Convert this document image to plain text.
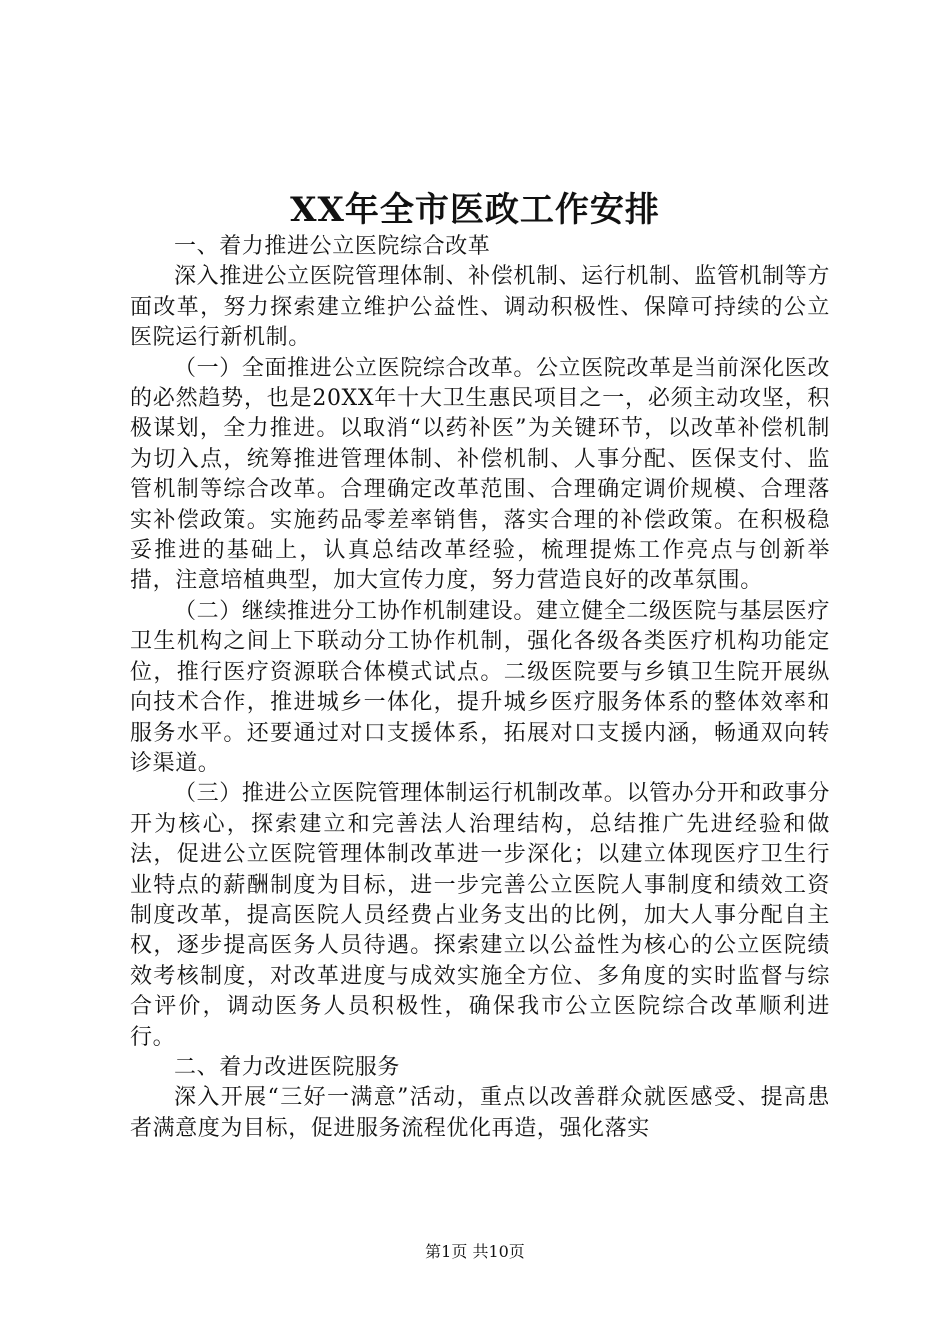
XX年全市医政工作安排

一、着力推进公立医院综合改革

深入推进公立医院管理体制、补偿机制、运行机制、监管机制等方面改革，努力探索建立维护公益性、调动积极性、保障可持续的公立医院运行新机制。

（一）全面推进公立医院综合改革。公立医院改革是当前深化医改的必然趋势，也是20XX年十大卫生惠民项目之一，必须主动攻坚，积极谋划，全力推进。以取消“以药补医”为关键环节，以改革补偿机制为切入点，统筹推进管理体制、补偿机制、人事分配、医保支付、监管机制等综合改革。合理确定改革范围、合理确定调价规模、合理落实补偿政策。实施药品零差率销售，落实合理的补偿政策。在积极稳妥推进的基础上，认真总结改革经验，梳理提炼工作亮点与创新举措，注意培植典型，加大宣传力度，努力营造良好的改革氛围。

（二）继续推进分工协作机制建设。建立健全二级医院与基层医疗卫生机构之间上下联动分工协作机制，强化各级各类医疗机构功能定位，推行医疗资源联合体模式试点。二级医院要与乡镇卫生院开展纵向技术合作，推进城乡一体化，提升城乡医疗服务体系的整体效率和服务水平。还要通过对口支援体系，拓展对口支援内涵，畅通双向转诊渠道。

（三）推进公立医院管理体制运行机制改革。以管办分开和政事分开为核心，探索建立和完善法人治理结构，总结推广先进经验和做法，促进公立医院管理体制改革进一步深化；以建立体现医疗卫生行业特点的薪酬制度为目标，进一步完善公立医院人事制度和绩效工资制度改革，提高医院人员经费占业务支出的比例，加大人事分配自主权，逐步提高医务人员待遇。探索建立以公益性为核心的公立医院绩效考核制度，对改革进度与成效实施全方位、多角度的实时监督与综合评价，调动医务人员积极性，确保我市公立医院综合改革顺利进行。

二、着力改进医院服务

深入开展“三好一满意”活动，重点以改善群众就医感受、提高患者满意度为目标，促进服务流程优化再造，强化落实

第1页 共10页
